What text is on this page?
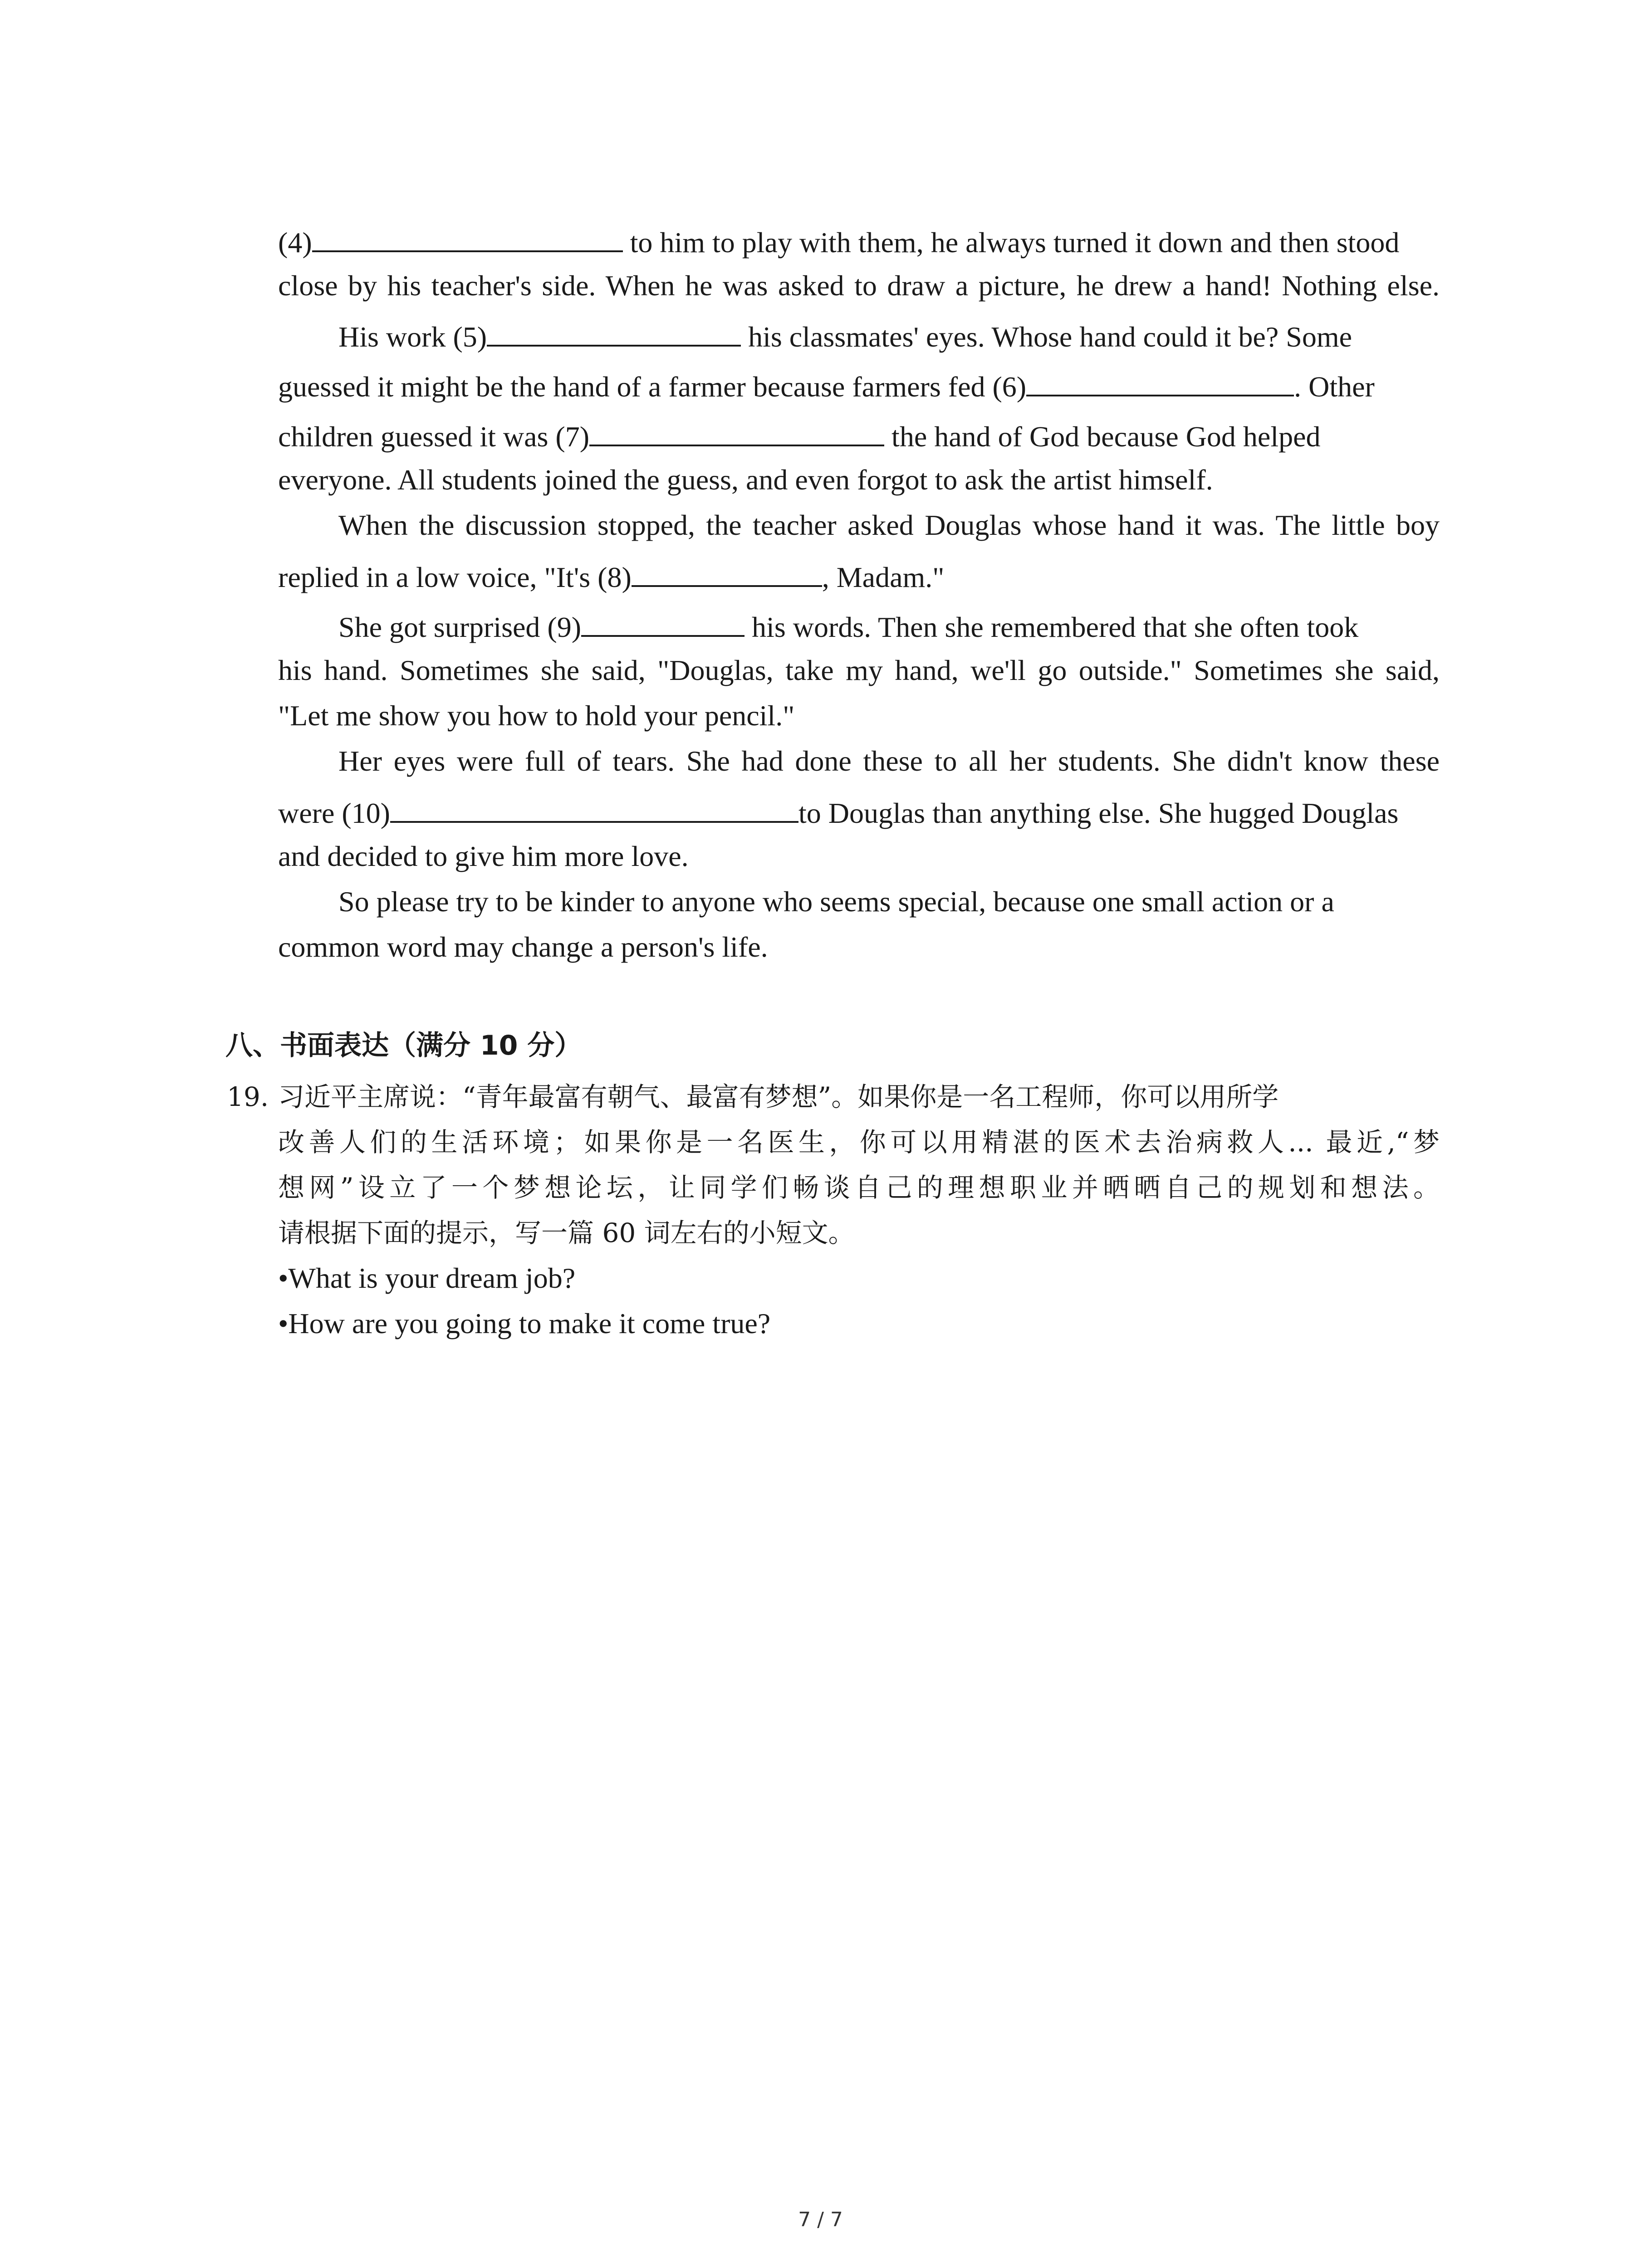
(4)	to him to play with them, he always turned it down and then stood
close by his teacher's side. When he was asked to draw a picture, he drew a hand! Nothing else.
His work (5)	his classmates' eyes. Whose hand could it be? Some
guessed it might be the hand of a farmer because farmers fed (6)	. Other
children guessed it was (7)	the hand of God because God helped
everyone. All students joined the guess, and even forgot to ask the artist himself.
When the discussion stopped, the teacher asked Douglas whose hand it was. The little boy
replied in a low voice, "It's (8)	, Madam."
She got surprised (9)	his words. Then she remembered that she often took
his hand. Sometimes she said, "Douglas, take my hand, we'll go outside." Sometimes she said,
"Let me show you how to hold your pencil."
Her eyes were full of tears. She had done these to all her students. She didn't know these
were (10)	to Douglas than anything else. She hugged Douglas
and decided to give him more love.
So please try to be kinder to anyone who seems special, because one small action or a
common word may change a person's life.
八、书面表达（满分 10 分）
19. 习近平主席说：“青年最富有朝气、最富有梦想”。如果你是一名工程师，你可以用所学
改善人们的生活环境；如果你是一名医生，你可以用精湛的医术去治病救人... 最近,“梦
想网”设立了一个梦想论坛，让同学们畅谈自己的理想职业并晒晒自己的规划和想法。
请根据下面的提示，写一篇 60 词左右的小短文。
•What is your dream job?
•How are you going to make it come true?
7 / 7
